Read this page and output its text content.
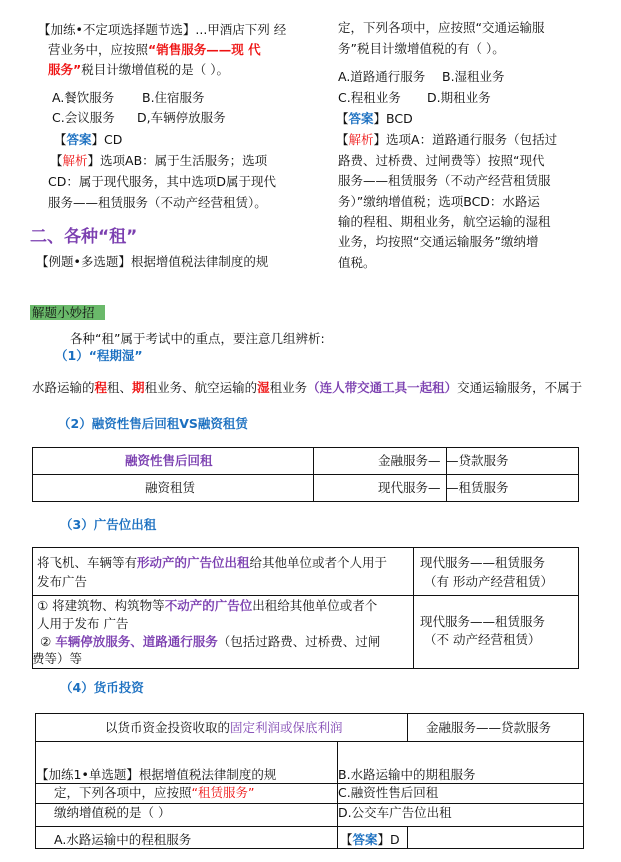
【加练•不定项选择题节选】...甲酒店下列 经
营业务中，应按照“销售服务——现 代
服务”税目计缴增值税的是（ ）。
A.餐饮服务 B.住宿服务
C.会议服务 D,车辆停放服务
【答案】CD
【解析】选项AB：属于生活服务；选项
CD：属于现代服务，其中选项D属于现代
服务——租赁服务（不动产经营租赁）。
二、各种“租”
【例题•多选题】根据增值税法律制度的规
定，下列各项中，应按照“交通运输服
务”税目计缴增值税的有（ ）。
A.道路通行服务 B.湿租业务
C.程租业务 D.期租业务
【答案】BCD
【解析】选项A：道路通行服务（包括过
路费、过桥费、过闸费等）按照“现代
服务——租赁服务（不动产经营租赁服
务）”缴纳增值税；选项BCD：水路运
输的程租、期租业务，航空运输的湿租
业务，均按照“交通运输服务”缴纳增
值税。
解题小妙招
各种“租”属于考试中的重点，要注意几组辨析:
（1）“程期湿”
水路运输的程租、期租业务、航空运输的湿租业务（连人带交通工具一起租）交通运输服务，不属于
（2）融资性售后回租VS融资租赁
融资性售后回租	金融服务— —贷款服务
融资租赁	现代服务— —租赁服务
（3）广告位出租
将飞机、车辆等有形动产的广告位出租给其他单位或者个人用于
发布广告
现代服务——租赁服务
（有 形动产经营租赁）
① 将建筑物、构筑物等不动产的广告位出租给其他单位或者个
人用于发布 广告
② 车辆停放服务、道路通行服务（包括过路费、过桥费、过闸
费等）等
现代服务——租赁服务
（不 动产经营租赁）
（4）货币投资
以货币资金投资收取的固定利润或保底利润	金融服务——贷款服务
【加练1•单选题】根据增值税法律制度的规
定，下列各项中，应按照“租赁服务”
缴纳增值税的是（ ）
A.水路运输中的程租服务
B.水路运输中的期租服务
C.融资性售后回租
D.公交车广告位出租
【答案】D
